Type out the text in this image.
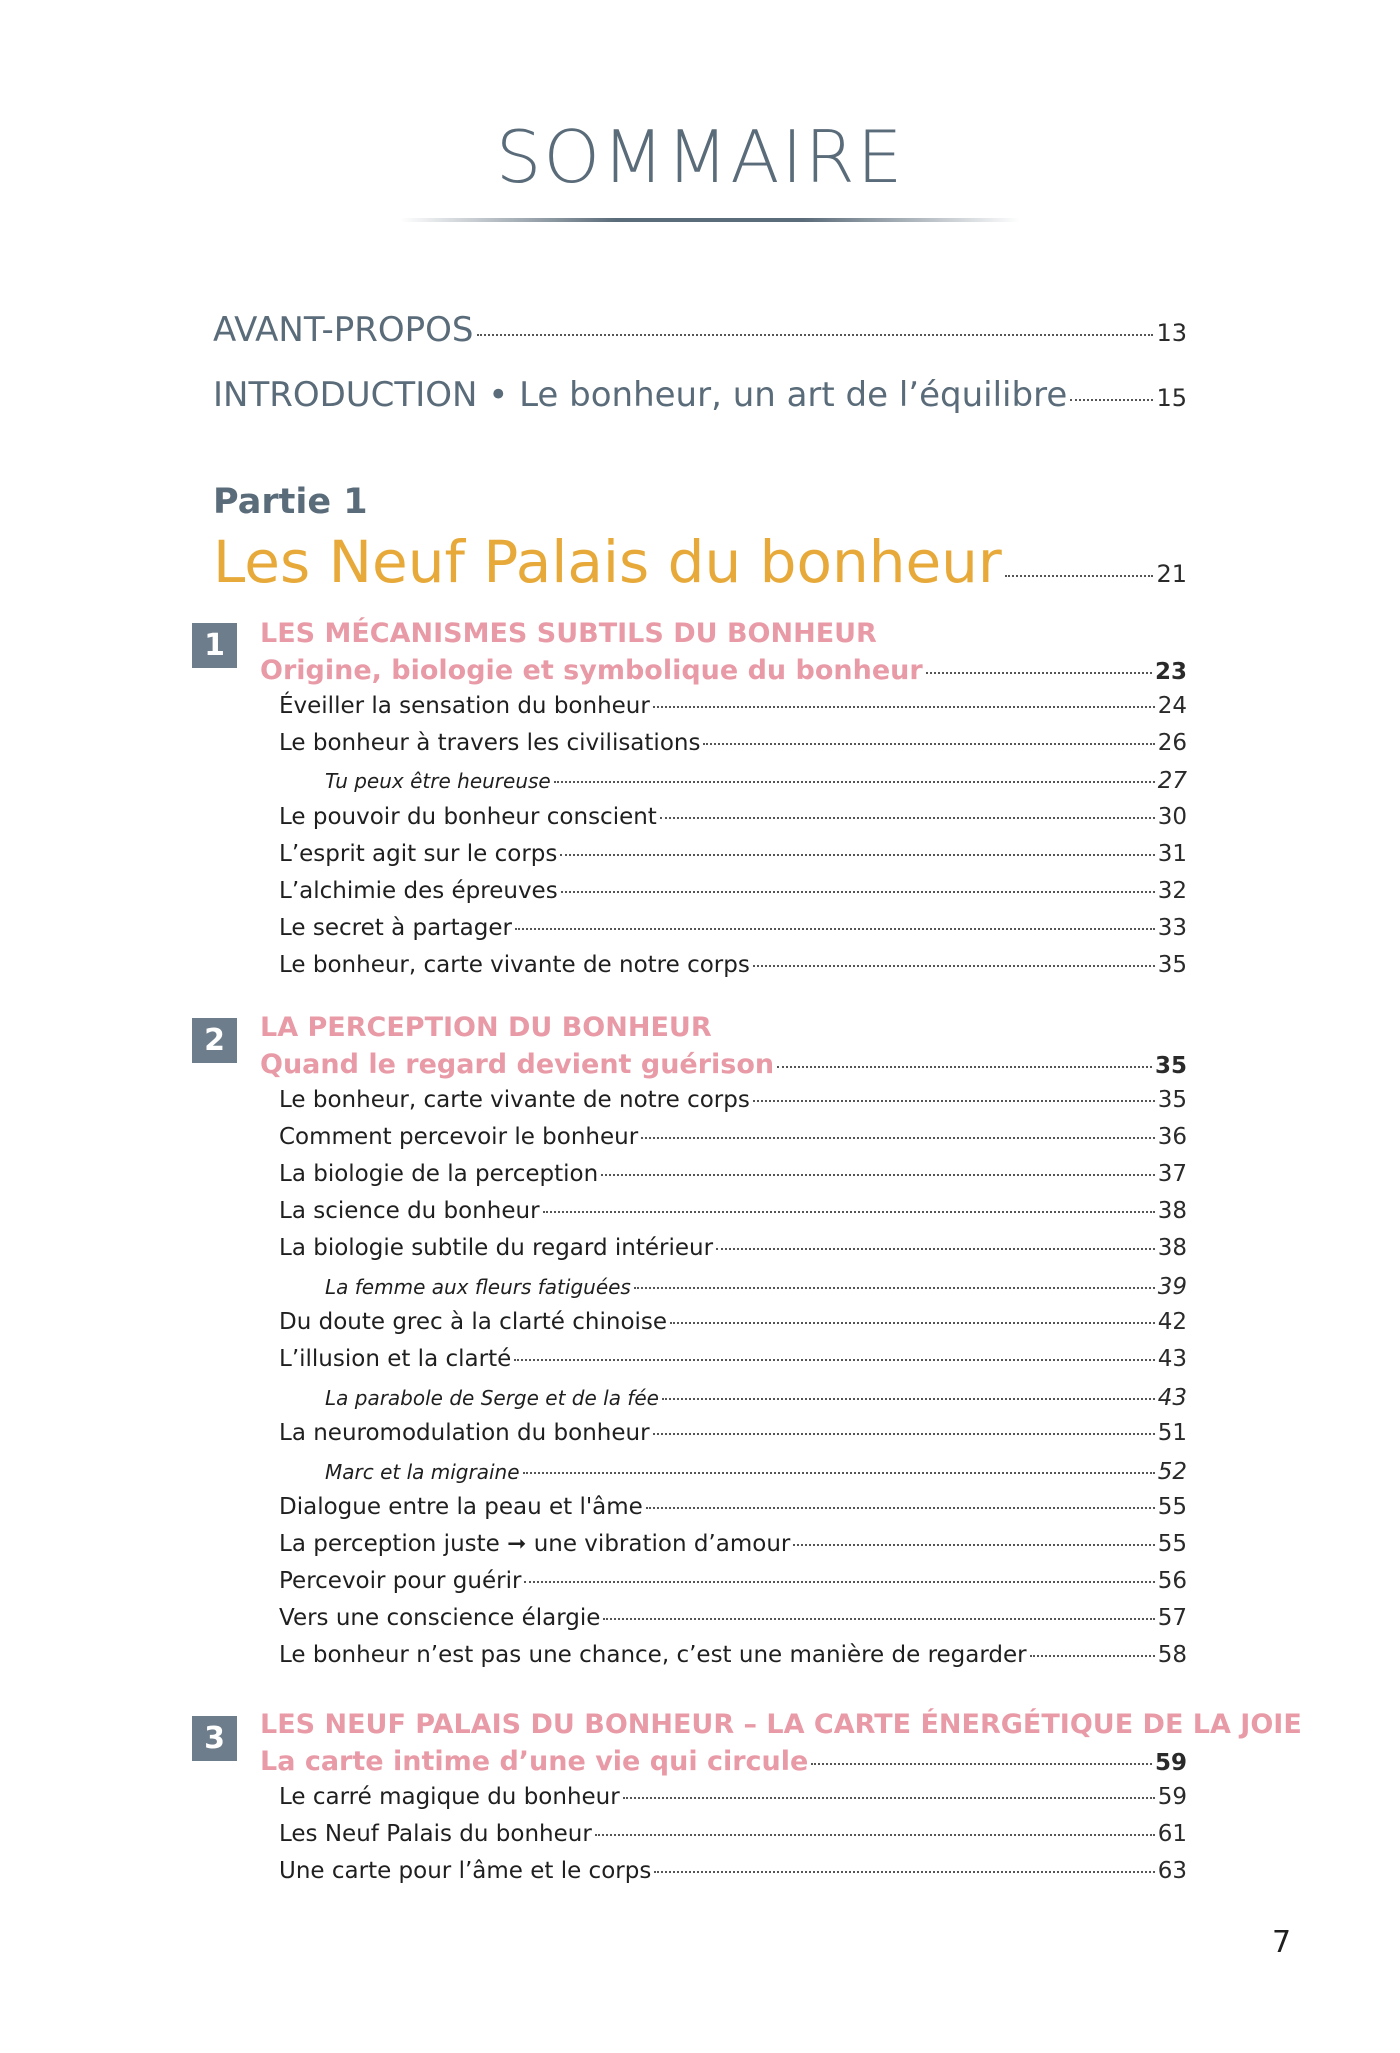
SOMMAIRE
AVANT-PROPOS	13
INTRODUCTION • Le bonheur, un art de l’équilibre	15
Partie 1
Les Neuf Palais du bonheur	21
1	LES MÉCANISMES SUBTILS DU BONHEUR
Origine, biologie et symbolique du bonheur	23
Éveiller la sensation du bonheur	24
Le bonheur à travers les civilisations	26
Tu peux être heureuse	27
Le pouvoir du bonheur conscient	30
L’esprit agit sur le corps	31
L’alchimie des épreuves	32
Le secret à partager	33
Le bonheur, carte vivante de notre corps	35
2	LA PERCEPTION DU BONHEUR
Quand le regard devient guérison	35
Le bonheur, carte vivante de notre corps	35
Comment percevoir le bonheur	36
La biologie de la perception	37
La science du bonheur	38
La biologie subtile du regard intérieur	38
La femme aux fleurs fatiguées	39
Du doute grec à la clarté chinoise	42
L’illusion et la clarté	43
La parabole de Serge et de la fée	43
La neuromodulation du bonheur	51
Marc et la migraine	52
Dialogue entre la peau et l'âme	55
La perception juste ➞ une vibration d’amour	55
Percevoir pour guérir	56
Vers une conscience élargie	57
Le bonheur n’est pas une chance, c’est une manière de regarder	58
3	LES NEUF PALAIS DU BONHEUR – LA CARTE ÉNERGÉTIQUE DE LA JOIE
La carte intime d’une vie qui circule	59
Le carré magique du bonheur	59
Les Neuf Palais du bonheur	61
Une carte pour l’âme et le corps	63
7
